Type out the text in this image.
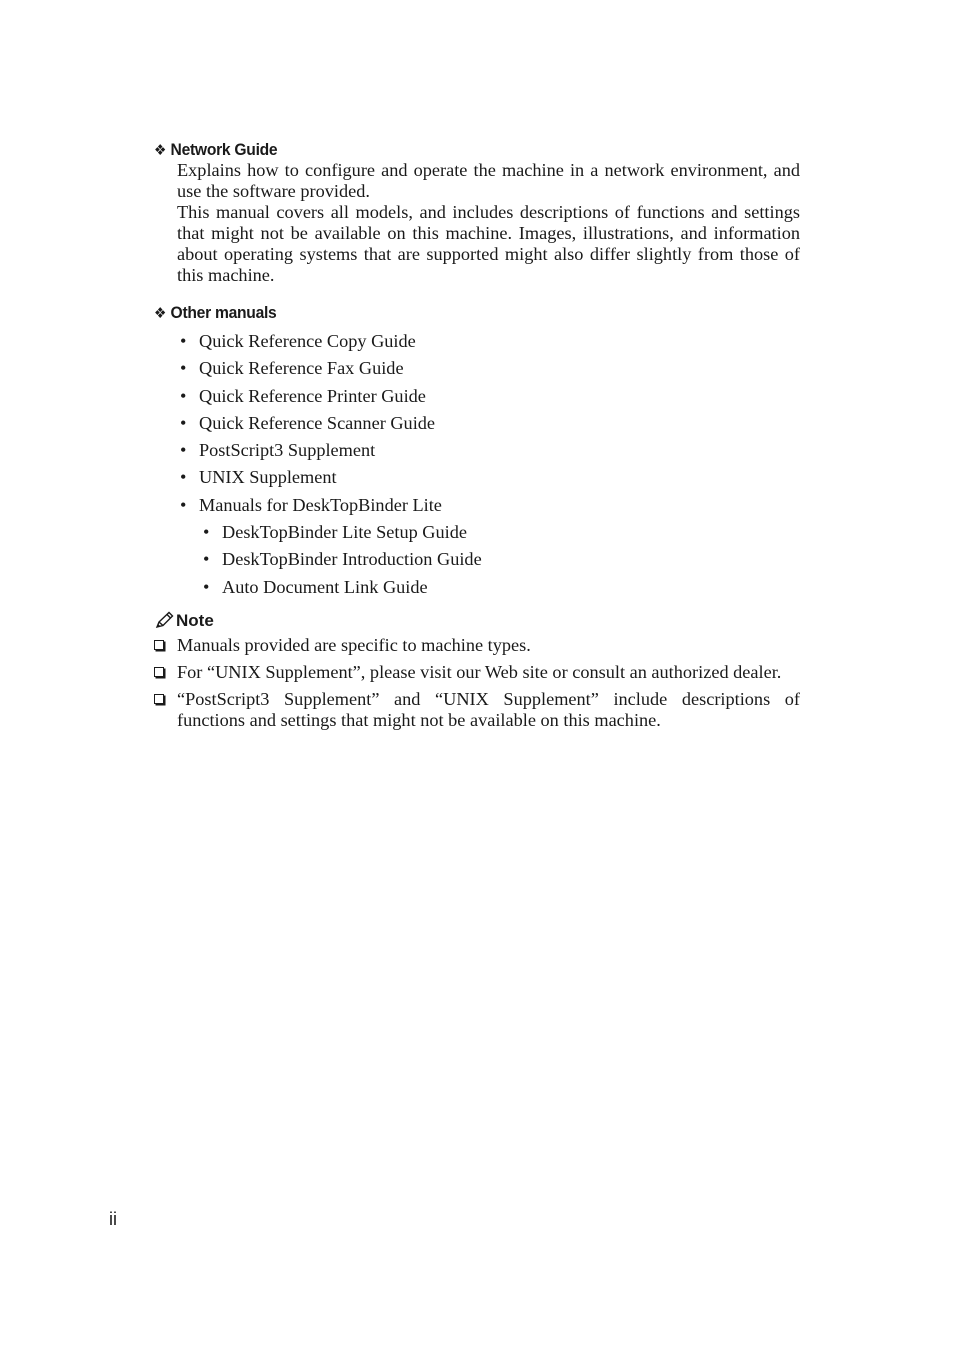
❖ Network Guide

Explains how to configure and operate the machine in a network environment, and use the software provided.

This manual covers all models, and includes descriptions of functions and settings that might not be available on this machine. Images, illustrations, and information about operating systems that are supported might also differ slightly from those of this machine.

❖ Other manuals
• Quick Reference Copy Guide
• Quick Reference Fax Guide
• Quick Reference Printer Guide
• Quick Reference Scanner Guide
• PostScript3 Supplement
• UNIX Supplement
• Manuals for DeskTopBinder Lite
• DeskTopBinder Lite Setup Guide
• DeskTopBinder Introduction Guide
• Auto Document Link Guide
Note
Manuals provided are specific to machine types.
For “UNIX Supplement”, please visit our Web site or consult an authorized dealer.
“PostScript3 Supplement” and “UNIX Supplement” include descriptions of functions and settings that might not be available on this machine.
ii
